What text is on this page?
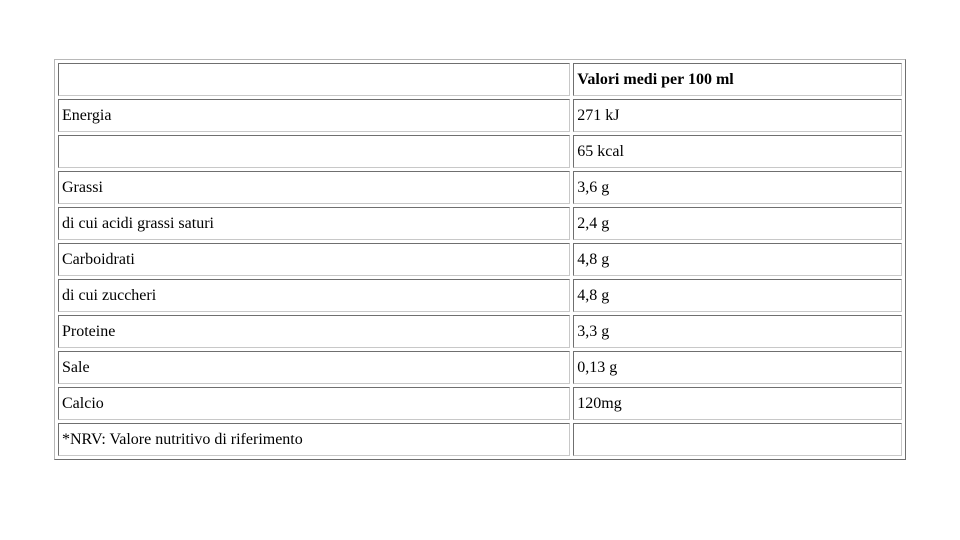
	Valori medi per 100 ml
Energia	271 kJ
	65 kcal
Grassi	3,6 g
di cui acidi grassi saturi	2,4 g
Carboidrati	4,8 g
di cui zuccheri	4,8 g
Proteine	3,3 g
Sale	0,13 g
Calcio	120mg
*NRV: Valore nutritivo di riferimento	
